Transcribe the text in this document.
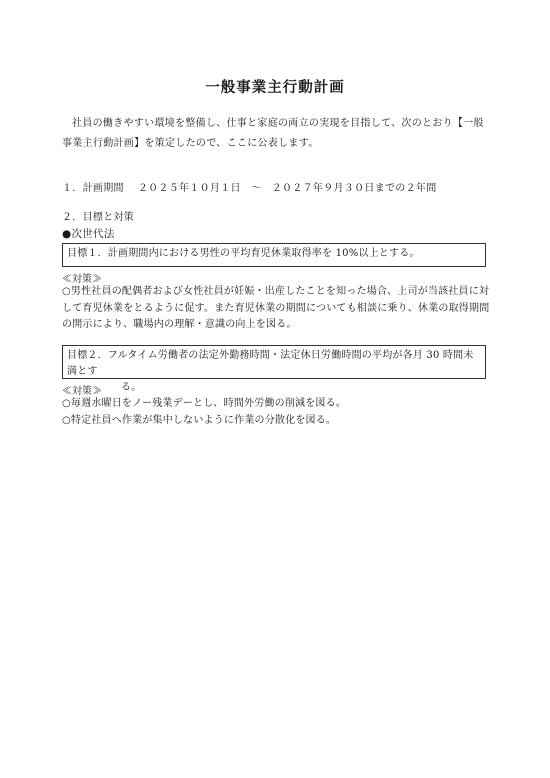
一般事業主行動計画
社員の働きやすい環境を整備し、仕事と家庭の両立の実現を目指して、次のとおり【一般事業主行動計画】を策定したので、ここに公表します。
１．計画期間 ２０２５年１０月１日　～　２０２７年９月３０日までの２年間
２．目標と対策
●次世代法
目標１．計画期間内における男性の平均育児休業取得率を 10%以上とする。
≪対策≫
○男性社員の配偶者および女性社員が妊娠・出産したことを知った場合、上司が当該社員に対して育児休業をとるように促す。また育児休業の期間についても相談に乗り、休業の取得期間の開示により、職場内の理解・意識の向上を図る。
目標２．フルタイム労働者の法定外勤務時間・法定休日労働時間の平均が各月 30 時間未満とす
る。
≪対策≫
○毎週水曜日をノー残業デーとし、時間外労働の削減を図る。
○特定社員へ作業が集中しないように作業の分散化を図る。
